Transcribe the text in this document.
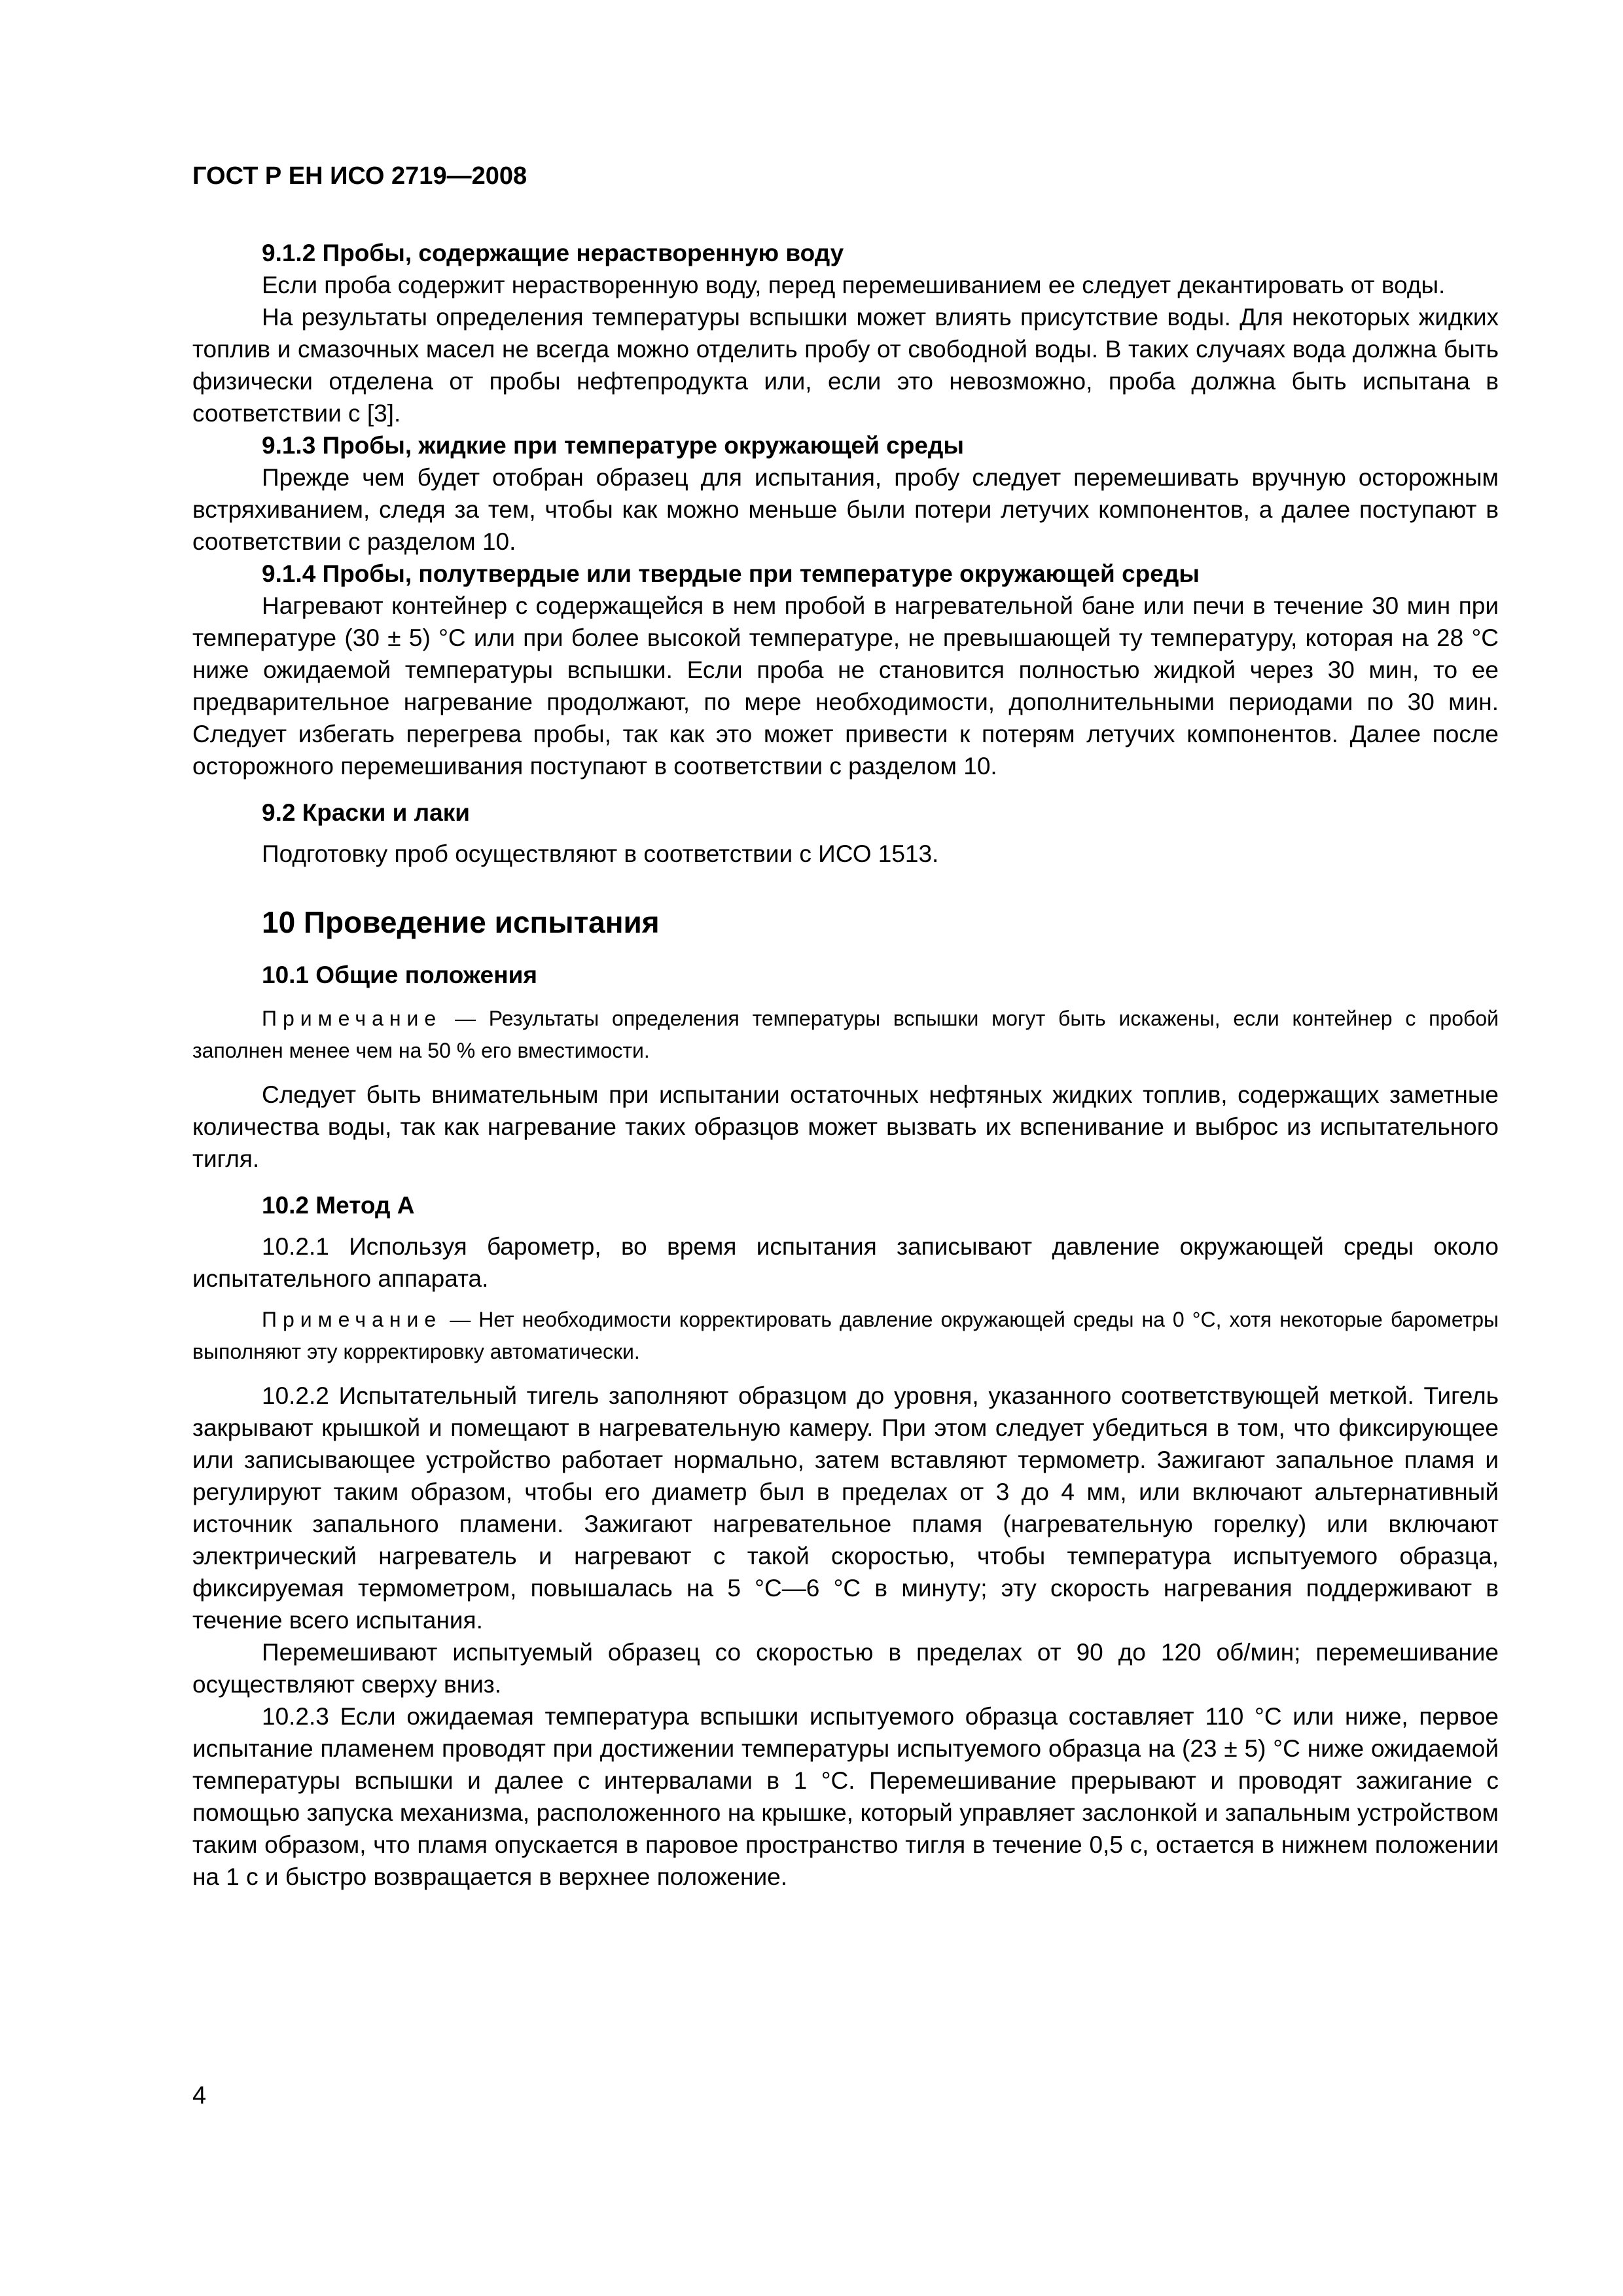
ГОСТ Р ЕН ИСО 2719—2008

9.1.2 Пробы, содержащие нерастворенную воду

Если проба содержит нерастворенную воду, перед перемешиванием ее следует декантировать от воды.

На результаты определения температуры вспышки может влиять присутствие воды. Для некоторых жидких топлив и смазочных масел не всегда можно отделить пробу от свободной воды. В таких случаях вода должна быть физически отделена от пробы нефтепродукта или, если это невозможно, проба должна быть испытана в соответствии с [3].

9.1.3 Пробы, жидкие при температуре окружающей среды

Прежде чем будет отобран образец для испытания, пробу следует перемешивать вручную осторожным встряхиванием, следя за тем, чтобы как можно меньше были потери летучих компонентов, а далее поступают в соответствии с разделом 10.

9.1.4 Пробы, полутвердые или твердые при температуре окружающей среды

Нагревают контейнер с содержащейся в нем пробой в нагревательной бане или печи в течение 30 мин при температуре (30 ± 5) °С или при более высокой температуре, не превышающей ту температуру, которая на 28 °С ниже ожидаемой температуры вспышки. Если проба не становится полностью жидкой через 30 мин, то ее предварительное нагревание продолжают, по мере необходимости, дополнительными периодами по 30 мин. Следует избегать перегрева пробы, так как это может привести к потерям летучих компонентов. Далее после осторожного перемешивания поступают в соответствии с разделом 10.

9.2 Краски и лаки

Подготовку проб осуществляют в соответствии с ИСО 1513.

10 Проведение испытания

10.1 Общие положения

Примечание — Результаты определения температуры вспышки могут быть искажены, если контейнер с пробой заполнен менее чем на 50 % его вместимости.

Следует быть внимательным при испытании остаточных нефтяных жидких топлив, содержащих заметные количества воды, так как нагревание таких образцов может вызвать их вспенивание и выброс из испытательного тигля.

10.2 Метод А

10.2.1 Используя барометр, во время испытания записывают давление окружающей среды около испытательного аппарата.

Примечание — Нет необходимости корректировать давление окружающей среды на 0 °С, хотя некоторые барометры выполняют эту корректировку автоматически.

10.2.2 Испытательный тигель заполняют образцом до уровня, указанного соответствующей меткой. Тигель закрывают крышкой и помещают в нагревательную камеру. При этом следует убедиться в том, что фиксирующее или записывающее устройство работает нормально, затем вставляют термометр. Зажигают запальное пламя и регулируют таким образом, чтобы его диаметр был в пределах от 3 до 4 мм, или включают альтернативный источник запального пламени. Зажигают нагревательное пламя (нагревательную горелку) или включают электрический нагреватель и нагревают с такой скоростью, чтобы температура испытуемого образца, фиксируемая термометром, повышалась на 5 °С—6 °С в минуту; эту скорость нагревания поддерживают в течение всего испытания.

Перемешивают испытуемый образец со скоростью в пределах от 90 до 120 об/мин; перемешивание осуществляют сверху вниз.

10.2.3 Если ожидаемая температура вспышки испытуемого образца составляет 110 °С или ниже, первое испытание пламенем проводят при достижении температуры испытуемого образца на (23 ± 5) °С ниже ожидаемой температуры вспышки и далее с интервалами в 1 °С. Перемешивание прерывают и проводят зажигание с помощью запуска механизма, расположенного на крышке, который управляет заслонкой и запальным устройством таким образом, что пламя опускается в паровое пространство тигля в течение 0,5 с, остается в нижнем положении на 1 с и быстро возвращается в верхнее положение.

4
